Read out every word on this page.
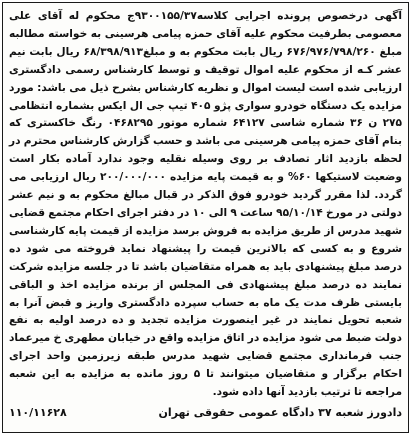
آگهی درخصوص پرونده اجرایی کلاسه۹۳۰۰۱۵۵/۳۷ج محکوم له آقای علی معصومی بطرفیت محکوم علیه آقای حمزه پیامی هرسینی به خواسته مطالبه مبلغ ۶۷۶/۹۷۶/۷۹۸/۲۶۰ ریال بابت محکوم به و مبلغ۶۸/۳۹۸/۹۱۳ ریال بابت نیم عشر کـه از محکوم علیه اموال توقیف و توسط کارشناس رسمی دادگستری ارزیابی شده است لیست اموال و نظریه کارشناس بشرح ذیل می باشد: مورد مزایده یک دستگاه خودرو سواری پژو ۴۰۵ تیپ جی ال ایکس بشماره انتظامی ۲۷۵ ن ۳۶ شماره شاسی ۶۴۱۲۷ شماره موتور ۰۴۶۸۲۹۵ رنگ خاکستری که بنام آقای حمزه پیامی هرسینی می باشد و حسب گزارش کارشناس محترم در لحظه بازدید اثار تصادف بر روی وسیله نقلیه وجود ندارد آماده بکار است وضعیت لاستیکها ۶۰% و به قیمت پایه مزایده ۲۰۰/۰۰۰/۰۰۰ ریال ارزیابی می گردد. لذا مقرر گردید خودرو فوق الذکر در قبال مبالغ محکوم به و نیم عشر دولتی در مورخ ۹۵/۱۰/۱۴ ساعت ۹ الی ۱۰ در دفتر اجرای احکام مجتمع قضایی شهید مدرس از طریق مزایده به فروش برسد مزایده از قیمت پایه کارشناسی شروع و به کسی که بالاترین قیمت را پیشنهاد نماید فروخته می شود ده درصد مبلغ پیشنهادی باید به همراه متقاضیان باشد تا در جلسه مزایده شرکت نمایند ده درصد مبلغ پیشنهادی فی المجلس از برنده مزایده اخذ و الباقی بایستی ظرف مدت یک ماه به حساب سپرده دادگستری واریز و قبض آنرا به شعبه تحویل نمایند در غیر اینصورت مزایده تجدید و ده درصد اولیه به نفع دولت ضبط می شود مزایده در اتاق مزایده واقع در خیابان مطهری خ میرعماد جنب فرمانداری مجتمع قضایی شهید مدرس طبقه زیرزمین واحد اجرای احکام برگزار و متقاضیان میتوانند تا ۵ روز مانده به مزایده به این شعبه مراجعه تا ترتیب بازدید آنها داده شود.

دادورز شعبه ۳۷ دادگاه عمومی حقوقی تهران
۱۱۰/۱۱۶۲۸
